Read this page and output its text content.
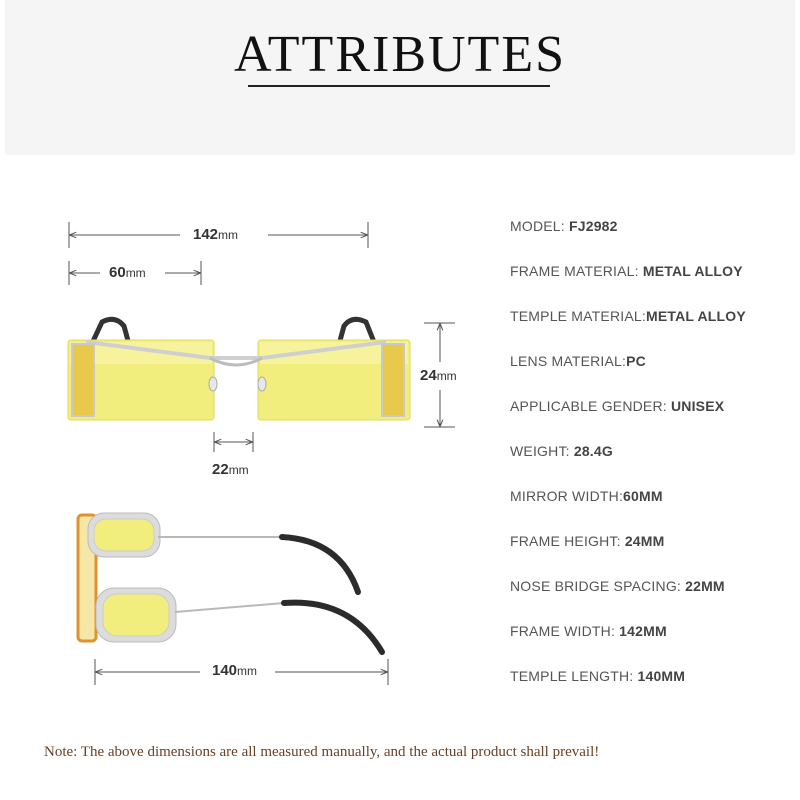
ATTRIBUTES
142mm
60mm
24mm
22mm
140mm
MODEL: FJ2982
FRAME MATERIAL: METAL ALLOY
TEMPLE MATERIAL:METAL ALLOY
LENS MATERIAL:PC
APPLICABLE GENDER: UNISEX
WEIGHT: 28.4G
MIRROR WIDTH:60MM
FRAME HEIGHT: 24MM
NOSE BRIDGE SPACING: 22MM
FRAME WIDTH: 142MM
TEMPLE LENGTH: 140MM
Note: The above dimensions are all measured manually, and the actual product shall prevail!
